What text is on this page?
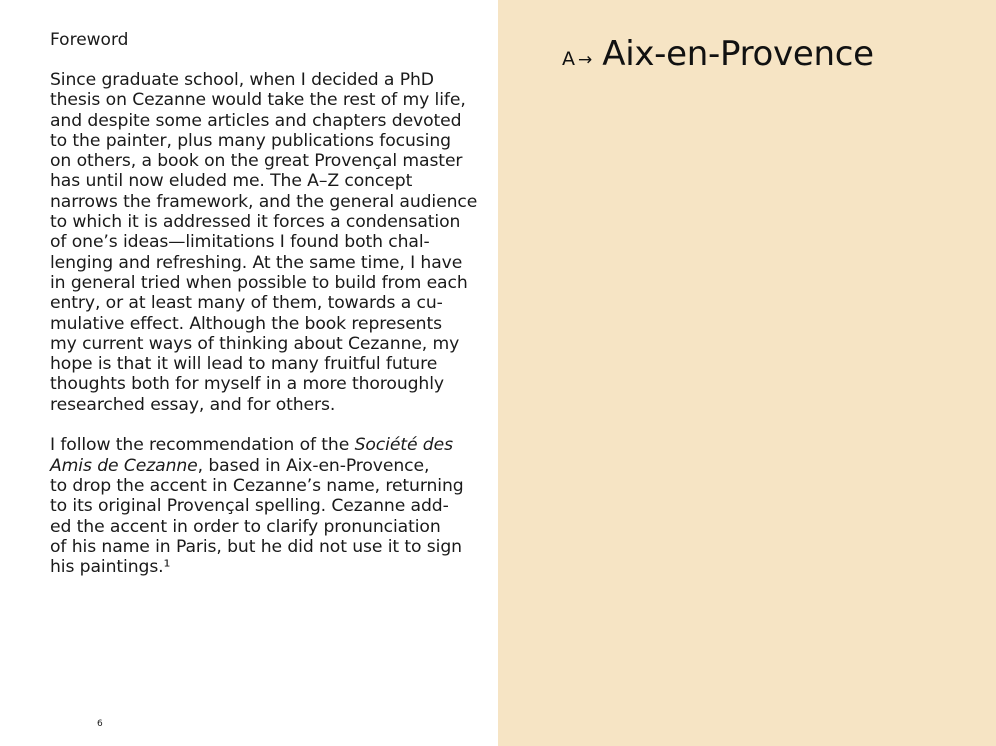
Foreword
Since graduate school, when I decided a PhD
thesis on Cezanne would take the rest of my life,
and despite some articles and chapters devoted
to the painter, plus many publications focusing
on others, a book on the great Provençal master
has until now eluded me. The A–Z concept
narrows the framework, and the general audience
to which it is addressed it forces a condensation
of one’s ideas—limitations I found both chal-
lenging and refreshing. At the same time, I have
in general tried when possible to build from each
entry, or at least many of them, towards a cu-
mulative effect. Although the book represents
my current ways of thinking about Cezanne, my
hope is that it will lead to many fruitful future
thoughts both for myself in a more thoroughly
researched essay, and for others.
I follow the recommendation of the Société des
Amis de Cezanne, based in Aix-en-Provence,
to drop the accent in Cezanne’s name, returning
to its original Provençal spelling. Cezanne add-
ed the accent in order to clarify pronunciation
of his name in Paris, but he did not use it to sign
his paintings.¹
6
A → Aix-en-Provence
